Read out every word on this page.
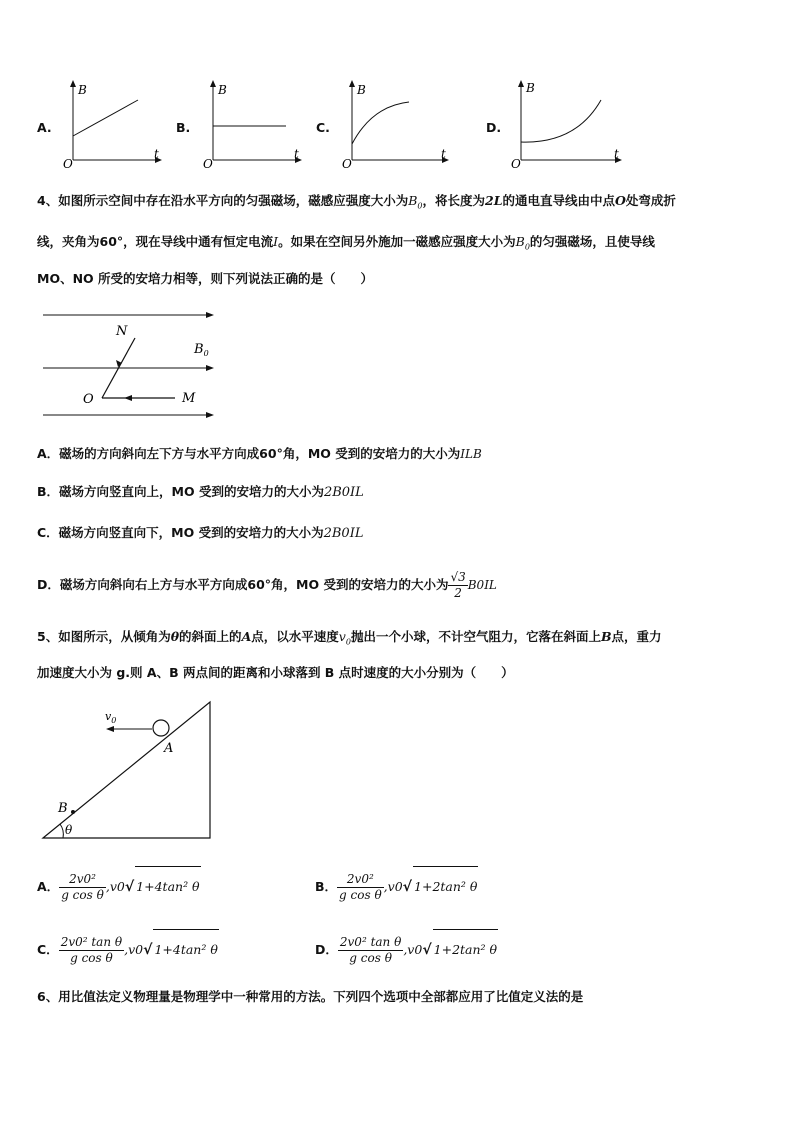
A.
B
t
O
B.
B
t
O
C.
B
t
O
D.
B
t
O
4、如图所示空间中存在沿水平方向的匀强磁场，磁感应强度大小为$B_0$，将长度为2L的通电直导线由中点O处弯成折
线，夹角为60°，现在导线中通有恒定电流I。如果在空间另外施加一磁感应强度大小为$B_0$的匀强磁场，且使导线
MO、NO 所受的安培力相等，则下列说法正确的是（　　）
N
$B_0$
O	M
A．磁场的方向斜向左下方与水平方向成60°角，MO 受到的安培力的大小为ILB
B．磁场方向竖直向上，MO 受到的安培力的大小为2B0IL
C．磁场方向竖直向下，MO 受到的安培力的大小为2B0IL
D．磁场方向斜向右上方与水平方向成60°角，MO 受到的安培力的大小为 $\frac{√3}{2} B0IL$
5、如图所示，从倾角为θ的斜面上的A点，以水平速度$v_0$抛出一个小球，不计空气阻力，它落在斜面上B点，重力
加速度大小为 g.则 A、B 两点间的距离和小球落到 B 点时速度的大小分别为（　　）
$v_0$
A
B
θ
A． $\frac{\text{2v0²}}{\text{g cos θ}} ,v0√$ 1+4tan² θ	B． $\frac{\text{2v0²}}{\text{g cos θ}} ,v0√$ 1+2tan² θ
C． $\frac{\text{2v0² tan θ}}{\text{g cos θ}} ,v0√$ 1+4tan² θ	D． $\frac{\text{2v0² tan θ}}{\text{g cos θ}} ,v0√$ 1+2tan² θ
6、用比值法定义物理量是物理学中一种常用的方法。下列四个选项中全部都应用了比值定义法的是
